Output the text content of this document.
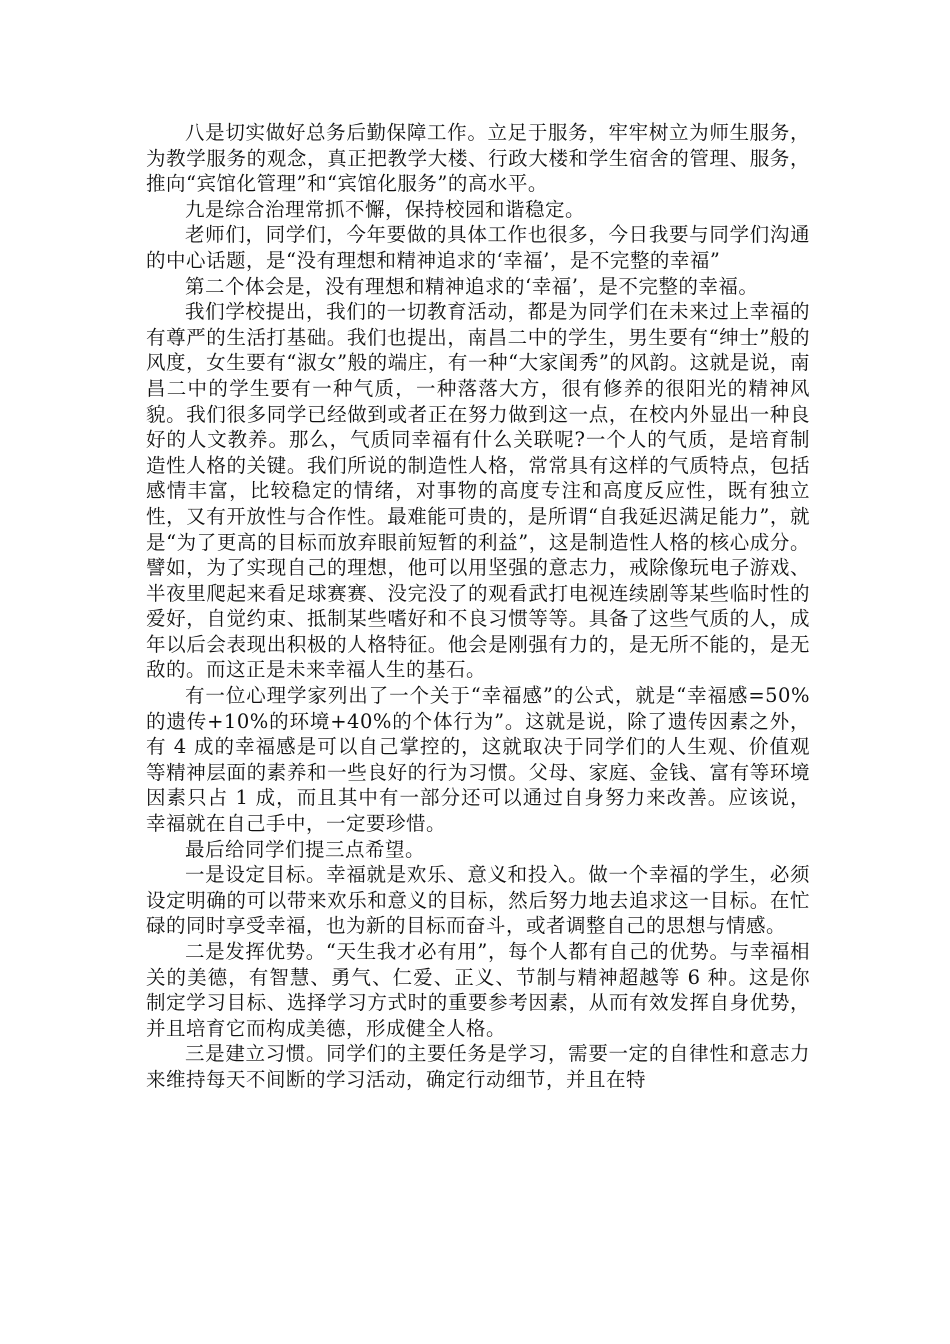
八是切实做好总务后勤保障工作。立足于服务，牢牢树立为师生服务，为教学服务的观念，真正把教学大楼、行政大楼和学生宿舍的管理、服务，推向“宾馆化管理”和“宾馆化服务”的高水平。

九是综合治理常抓不懈，保持校园和谐稳定。

老师们，同学们，今年要做的具体工作也很多，今日我要与同学们沟通的中心话题，是“没有理想和精神追求的‘幸福’，是不完整的幸福”

第二个体会是，没有理想和精神追求的‘幸福’，是不完整的幸福。

我们学校提出，我们的一切教育活动，都是为同学们在未来过上幸福的有尊严的生活打基础。我们也提出，南昌二中的学生，男生要有“绅士”般的风度，女生要有“淑女”般的端庄，有一种“大家闺秀”的风韵。这就是说，南昌二中的学生要有一种气质，一种落落大方，很有修养的很阳光的精神风貌。我们很多同学已经做到或者正在努力做到这一点，在校内外显出一种良好的人文教养。那么，气质同幸福有什么关联呢?一个人的气质，是培育制造性人格的关键。我们所说的制造性人格，常常具有这样的气质特点，包括感情丰富，比较稳定的情绪，对事物的高度专注和高度反应性，既有独立性，又有开放性与合作性。最难能可贵的，是所谓“自我延迟满足能力”，就是“为了更高的目标而放弃眼前短暂的利益”，这是制造性人格的核心成分。譬如，为了实现自己的理想，他可以用坚强的意志力，戒除像玩电子游戏、半夜里爬起来看足球赛赛、没完没了的观看武打电视连续剧等某些临时性的爱好，自觉约束、抵制某些嗜好和不良习惯等等。具备了这些气质的人，成年以后会表现出积极的人格特征。他会是刚强有力的，是无所不能的，是无敌的。而这正是未来幸福人生的基石。

有一位心理学家列出了一个关于“幸福感”的公式，就是“幸福感=50%的遗传+10%的环境+40%的个体行为”。这就是说，除了遗传因素之外，有 4 成的幸福感是可以自己掌控的，这就取决于同学们的人生观、价值观等精神层面的素养和一些良好的行为习惯。父母、家庭、金钱、富有等环境因素只占 1 成，而且其中有一部分还可以通过自身努力来改善。应该说，幸福就在自己手中，一定要珍惜。

最后给同学们提三点希望。

一是设定目标。幸福就是欢乐、意义和投入。做一个幸福的学生，必须设定明确的可以带来欢乐和意义的目标，然后努力地去追求这一目标。在忙碌的同时享受幸福，也为新的目标而奋斗，或者调整自己的思想与情感。

二是发挥优势。“天生我才必有用”，每个人都有自己的优势。与幸福相关的美德，有智慧、勇气、仁爱、正义、节制与精神超越等 6 种。这是你制定学习目标、选择学习方式时的重要参考因素，从而有效发挥自身优势，并且培育它而构成美德，形成健全人格。

三是建立习惯。同学们的主要任务是学习，需要一定的自律性和意志力来维持每天不间断的学习活动，确定行动细节，并且在特
